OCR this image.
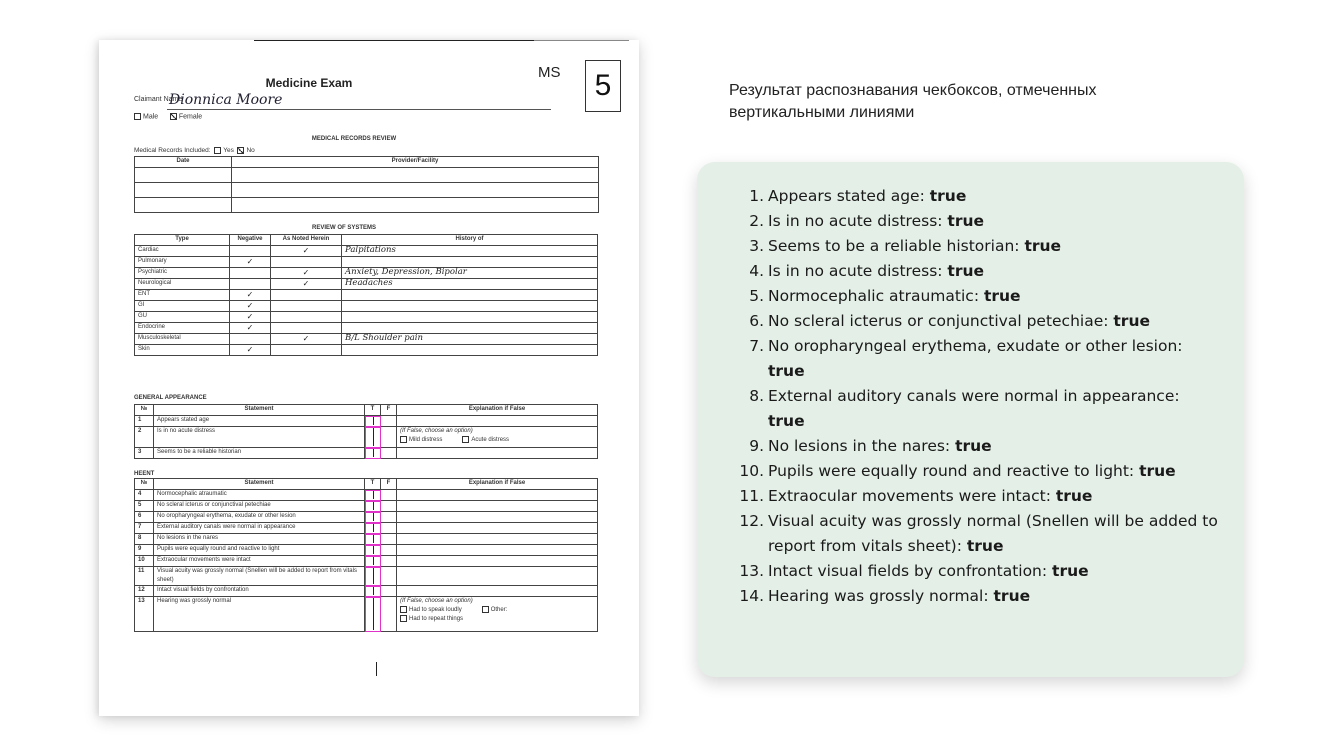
MS	5
Medicine Exam
Claimant Name
Dionnica Moore
Male	Female
MEDICAL RECORDS REVIEW
Medical Records Included: Yes No
Date	Provider/Facility

REVIEW OF SYSTEMS
Type	Negative	As Noted Herein	History of
Cardiac		✓	Palpitations
Pulmonary	✓		
Psychiatric		✓	Anxiety, Depression, Bipolar
Neurological		✓	Headaches
ENT	✓		
GI	✓		
GU	✓		
Endocrine	✓		
Musculoskeletal		✓	B/L Shoulder pain
Skin	✓		
GENERAL APPEARANCE
№	Statement	T	F	Explanation if False
1	Appears stated age	

2	Is in no acute distress			(If False, choose an option)
Mild distress Acute distress
3	Seems to be a reliable historian	

HEENT
№	Statement	T	F	Explanation if False
4	Normocephalic atraumatic	

5	No scleral icterus or conjunctival petechiae	

6	No oropharyngeal erythema, exudate or other lesion	

7	External auditory canals were normal in appearance	

8	No lesions in the nares	

9	Pupils were equally round and reactive to light	

10	Extraocular movements were intact	

11	Visual acuity was grossly normal (Snellen will be added to report from vitals sheet)	

12	Intact visual fields by confrontation	

13	Hearing was grossly normal			(If False, choose an option)
Had to speak loudly Other:
Had to repeat things
Результат распознавания чекбоксов, отмеченных вертикальными линиями
1. Appears stated age: true
2. Is in no acute distress: true
3. Seems to be a reliable historian: true
4. Is in no acute distress: true
5. Normocephalic atraumatic: true
6. No scleral icterus or conjunctival petechiae: true
7. No oropharyngeal erythema, exudate or other lesion: true
8. External auditory canals were normal in appearance: true
9. No lesions in the nares: true
10. Pupils were equally round and reactive to light: true
11. Extraocular movements were intact: true
12. Visual acuity was grossly normal (Snellen will be added to report from vitals sheet): true
13. Intact visual fields by confrontation: true
14. Hearing was grossly normal: true
